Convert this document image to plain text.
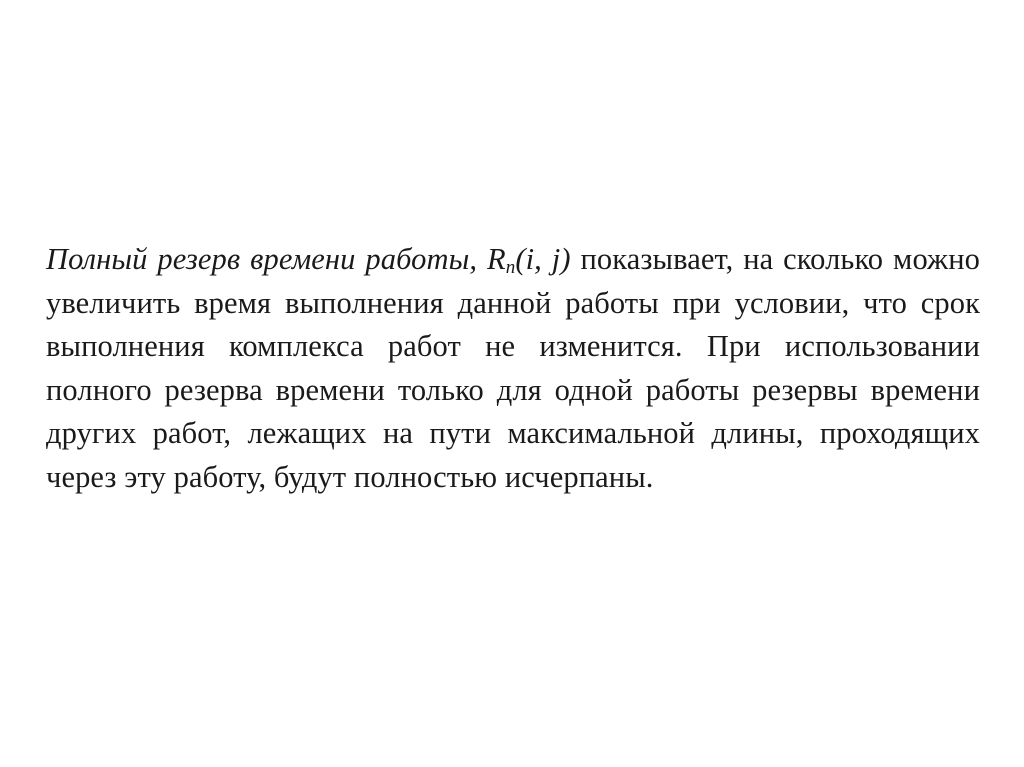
Полный резерв времени работы, $R_п(i$, j) показывает, на сколько можно увеличить время выполнения данной работы при условии, что срок выполнения комплекса работ не изменится. При использовании полного резерва времени только для одной работы резервы времени других работ, лежащих на пути максимальной длины, проходящих через эту работу, будут полностью исчерпаны.
